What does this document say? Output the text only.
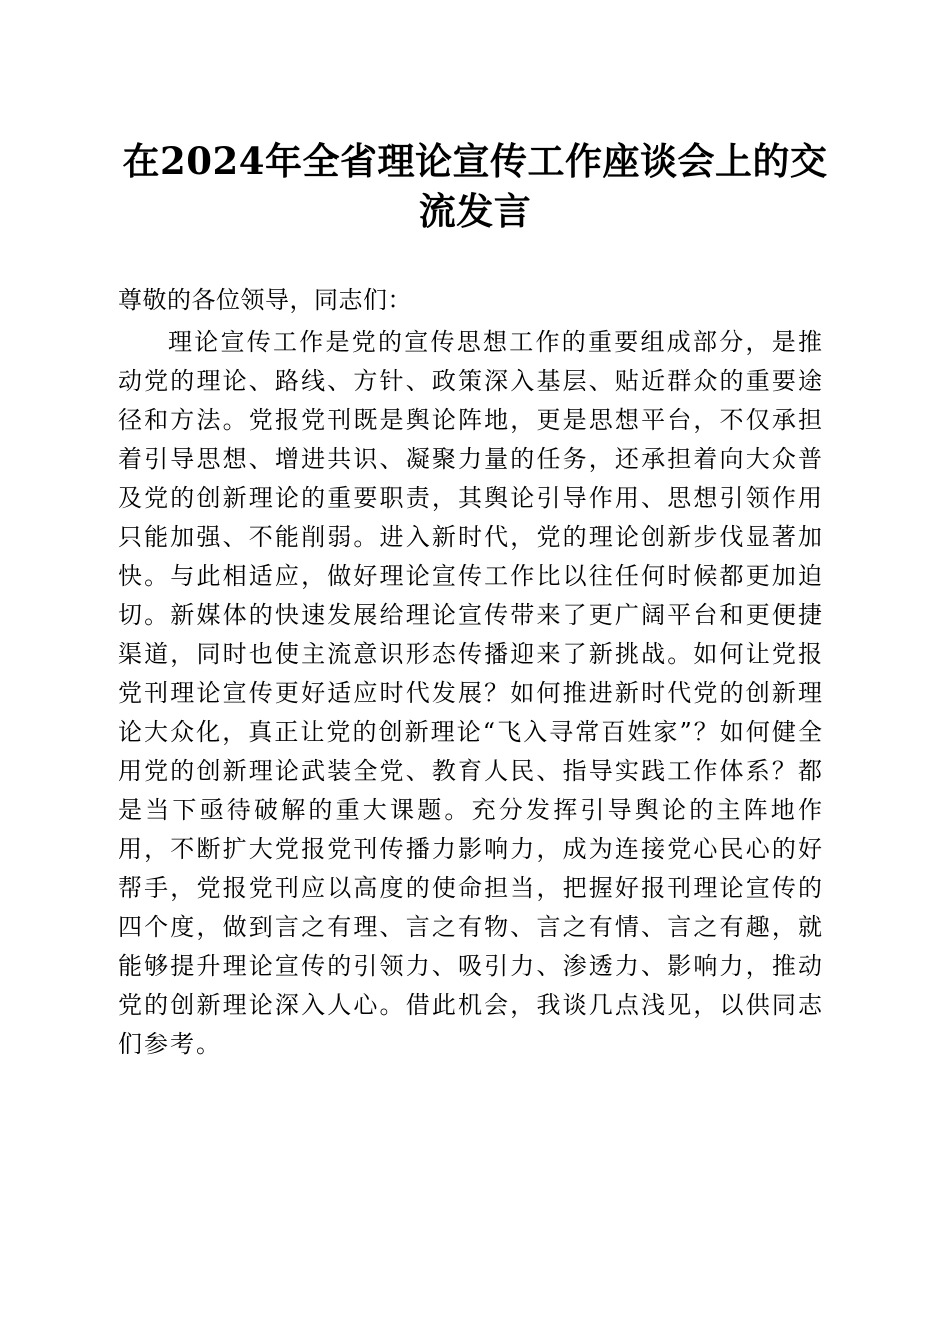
在2024年全省理论宣传工作座谈会上的交流发言

尊敬的各位领导，同志们：

理论宣传工作是党的宣传思想工作的重要组成部分，是推动党的理论、路线、方针、政策深入基层、贴近群众的重要途径和方法。党报党刊既是舆论阵地，更是思想平台，不仅承担着引导思想、增进共识、凝聚力量的任务，还承担着向大众普及党的创新理论的重要职责，其舆论引导作用、思想引领作用只能加强、不能削弱。进入新时代，党的理论创新步伐显著加快。与此相适应，做好理论宣传工作比以往任何时候都更加迫切。新媒体的快速发展给理论宣传带来了更广阔平台和更便捷渠道，同时也使主流意识形态传播迎来了新挑战。如何让党报党刊理论宣传更好适应时代发展？如何推进新时代党的创新理论大众化，真正让党的创新理论“飞入寻常百姓家”？如何健全用党的创新理论武装全党、教育人民、指导实践工作体系？都是当下亟待破解的重大课题。充分发挥引导舆论的主阵地作用，不断扩大党报党刊传播力影响力，成为连接党心民心的好帮手，党报党刊应以高度的使命担当，把握好报刊理论宣传的四个度，做到言之有理、言之有物、言之有情、言之有趣，就能够提升理论宣传的引领力、吸引力、渗透力、影响力，推动党的创新理论深入人心。借此机会，我谈几点浅见，以供同志们参考。
